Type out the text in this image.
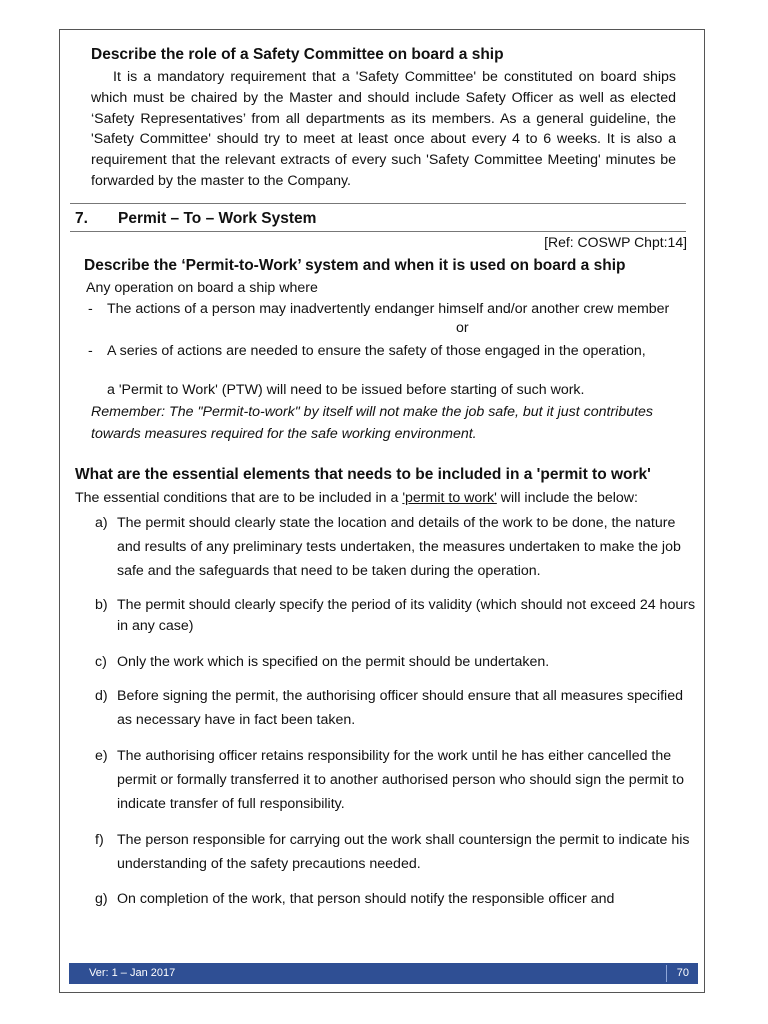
Describe the role of a Safety Committee on board a ship
It is a mandatory requirement that a 'Safety Committee' be constituted on board ships which must be chaired by the Master and should include Safety Officer as well as elected ‘Safety Representatives’ from all departments as its members. As a general guideline, the 'Safety Committee' should try to meet at least once about every 4 to 6 weeks. It is also a requirement that the relevant extracts of every such 'Safety Committee Meeting' minutes be forwarded by the master to the Company.
7. Permit – To – Work System
[Ref: COSWP Chpt:14]
Describe the ‘Permit-to-Work’ system and when it is used on board a ship
Any operation on board a ship where
- The actions of a person may inadvertently endanger himself and/or another crew member
or
- A series of actions are needed to ensure the safety of those engaged in the operation,
a 'Permit to Work' (PTW) will need to be issued before starting of such work.
Remember: The "Permit-to-work" by itself will not make the job safe, but it just contributes towards measures required for the safe working environment.
What are the essential elements that needs to be included in a 'permit to work'
The essential conditions that are to be included in a 'permit to work' will include the below:
a) The permit should clearly state the location and details of the work to be done, the nature and results of any preliminary tests undertaken, the measures undertaken to make the job safe and the safeguards that need to be taken during the operation.
b) The permit should clearly specify the period of its validity (which should not exceed 24 hours in any case)
c) Only the work which is specified on the permit should be undertaken.
d) Before signing the permit, the authorising officer should ensure that all measures specified as necessary have in fact been taken.
e) The authorising officer retains responsibility for the work until he has either cancelled the permit or formally transferred it to another authorised person who should sign the permit to indicate transfer of full responsibility.
f) The person responsible for carrying out the work shall countersign the permit to indicate his understanding of the safety precautions needed.
g) On completion of the work, that person should notify the responsible officer and
Ver: 1 – Jan 2017	70
